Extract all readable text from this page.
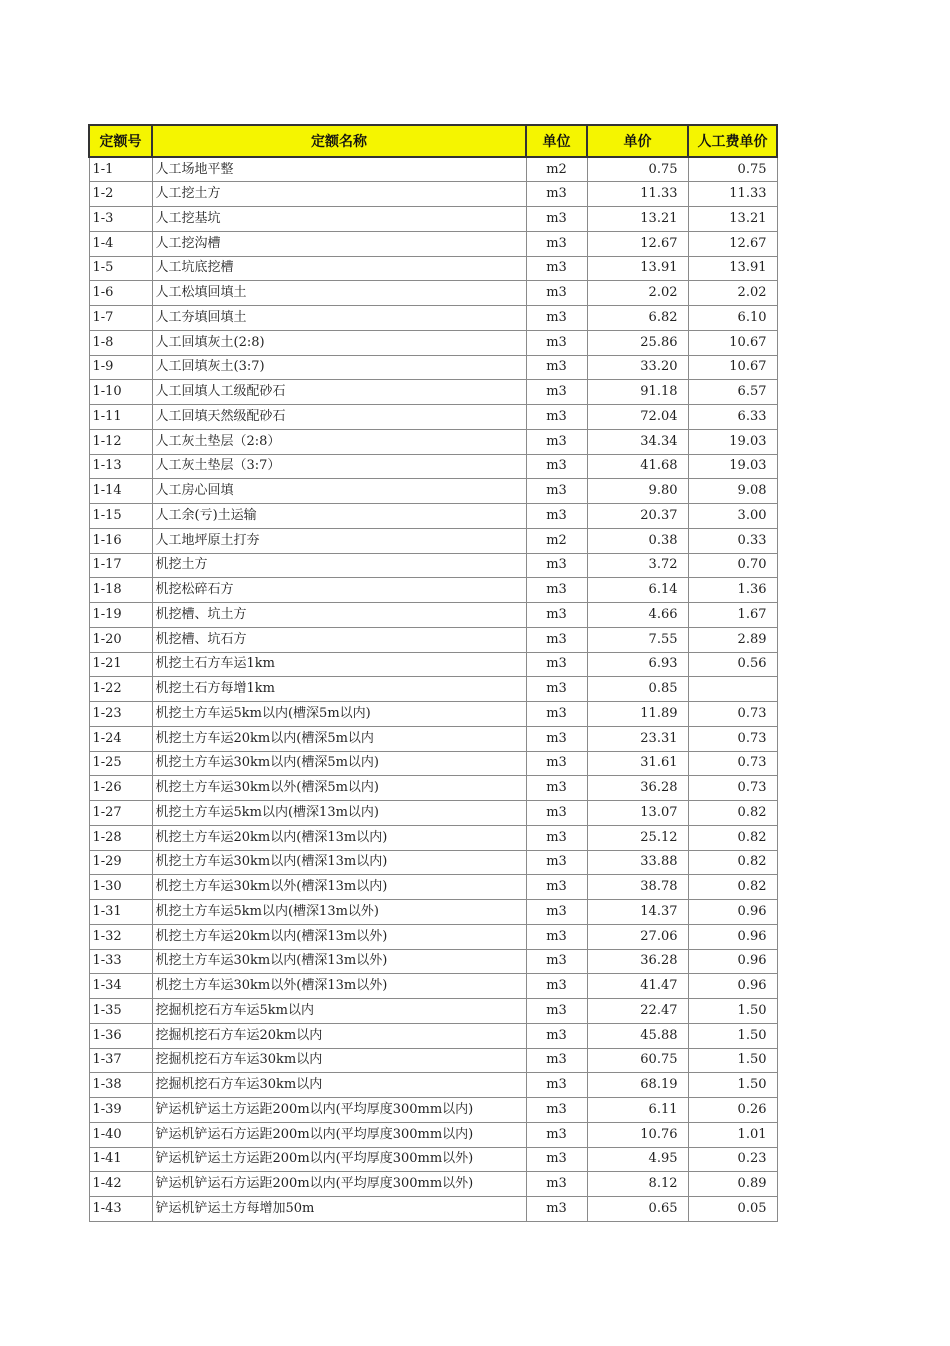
定额号	定额名称	单位	单价	人工费单价
1-1	人工场地平整	m2	0.75	0.75
1-2	人工挖土方	m3	11.33	11.33
1-3	人工挖基坑	m3	13.21	13.21
1-4	人工挖沟槽	m3	12.67	12.67
1-5	人工坑底挖槽	m3	13.91	13.91
1-6	人工松填回填土	m3	2.02	2.02
1-7	人工夯填回填土	m3	6.82	6.10
1-8	人工回填灰土(2:8)	m3	25.86	10.67
1-9	人工回填灰土(3:7)	m3	33.20	10.67
1-10	人工回填人工级配砂石	m3	91.18	6.57
1-11	人工回填天然级配砂石	m3	72.04	6.33
1-12	人工灰土垫层（2:8）	m3	34.34	19.03
1-13	人工灰土垫层（3:7）	m3	41.68	19.03
1-14	人工房心回填	m3	9.80	9.08
1-15	人工余(亏)土运输	m3	20.37	3.00
1-16	人工地坪原土打夯	m2	0.38	0.33
1-17	机挖土方	m3	3.72	0.70
1-18	机挖松碎石方	m3	6.14	1.36
1-19	机挖槽、坑土方	m3	4.66	1.67
1-20	机挖槽、坑石方	m3	7.55	2.89
1-21	机挖土石方车运1km	m3	6.93	0.56
1-22	机挖土石方每增1km	m3	0.85	
1-23	机挖土方车运5km以内(槽深5m以内)	m3	11.89	0.73
1-24	机挖土方车运20km以内(槽深5m以内	m3	23.31	0.73
1-25	机挖土方车运30km以内(槽深5m以内)	m3	31.61	0.73
1-26	机挖土方车运30km以外(槽深5m以内)	m3	36.28	0.73
1-27	机挖土方车运5km以内(槽深13m以内)	m3	13.07	0.82
1-28	机挖土方车运20km以内(槽深13m以内)	m3	25.12	0.82
1-29	机挖土方车运30km以内(槽深13m以内)	m3	33.88	0.82
1-30	机挖土方车运30km以外(槽深13m以内)	m3	38.78	0.82
1-31	机挖土方车运5km以内(槽深13m以外)	m3	14.37	0.96
1-32	机挖土方车运20km以内(槽深13m以外)	m3	27.06	0.96
1-33	机挖土方车运30km以内(槽深13m以外)	m3	36.28	0.96
1-34	机挖土方车运30km以外(槽深13m以外)	m3	41.47	0.96
1-35	挖掘机挖石方车运5km以内	m3	22.47	1.50
1-36	挖掘机挖石方车运20km以内	m3	45.88	1.50
1-37	挖掘机挖石方车运30km以内	m3	60.75	1.50
1-38	挖掘机挖石方车运30km以内	m3	68.19	1.50
1-39	铲运机铲运土方运距200m以内(平均厚度300mm以内)	m3	6.11	0.26
1-40	铲运机铲运石方运距200m以内(平均厚度300mm以内)	m3	10.76	1.01
1-41	铲运机铲运土方运距200m以内(平均厚度300mm以外)	m3	4.95	0.23
1-42	铲运机铲运石方运距200m以内(平均厚度300mm以外)	m3	8.12	0.89
1-43	铲运机铲运土方每增加50m	m3	0.65	0.05
